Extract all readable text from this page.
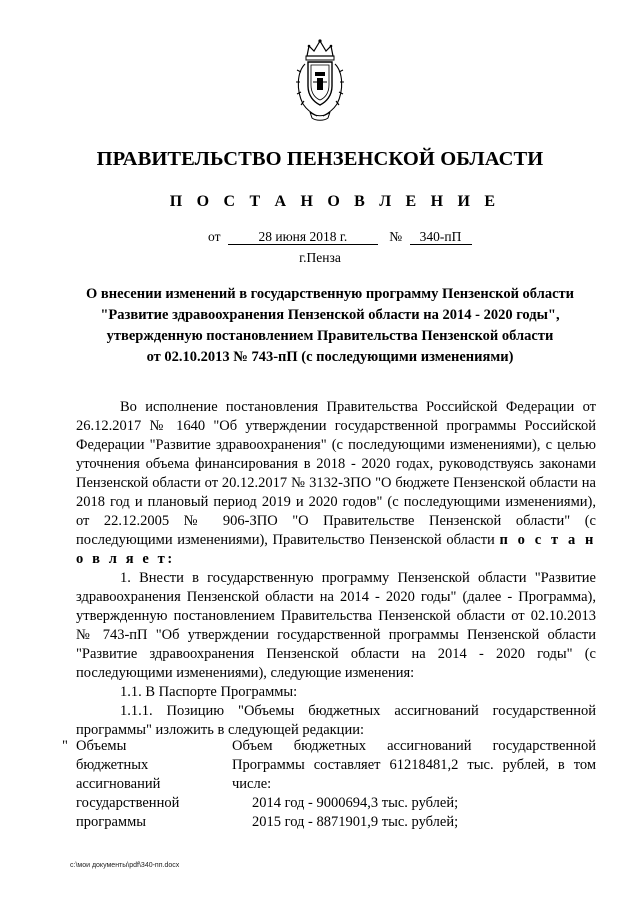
ПРАВИТЕЛЬСТВО ПЕНЗЕНСКОЙ ОБЛАСТИ
П О С Т А Н О В Л Е Н И Е
от	28 июня 2018 г.	№ 340-пП
г.Пенза
О внесении изменений в государственную программу Пензенской области
"Развитие здравоохранения Пензенской области на 2014 - 2020 годы",
утвержденную постановлением Правительства Пензенской области
от 02.10.2013 № 743-пП (с последующими изменениями)

Во исполнение постановления Правительства Российской Федерации от 26.12.2017 № 1640 "Об утверждении государственной программы Российской Федерации "Развитие здравоохранения" (с последующими изменениями), с целью уточнения объема финансирования в 2018 - 2020 годах, руководствуясь законами Пензенской области от 20.12.2017 № 3132-ЗПО "О бюджете Пензенской области на 2018 год и плановый период 2019 и 2020 годов" (с последующими изменениями), от 22.12.2005 № 906-ЗПО "О Правительстве Пензенской области" (с последующими изменениями), Правительство Пензенской области п о с т а н о в л я е т:

1. Внести в государственную программу Пензенской области "Развитие здравоохранения Пензенской области на 2014 - 2020 годы" (далее - Программа), утвержденную постановлением Правительства Пензенской области от 02.10.2013 № 743-пП "Об утверждении государственной программы Пензенской области "Развитие здравоохранения Пензенской области на 2014 - 2020 годы" (с последующими изменениями), следующие изменения:

1.1. В Паспорте Программы:

1.1.1. Позицию "Объемы бюджетных ассигнований государственной программы" изложить в следующей редакции:

" Объемы
бюджетных
ассигнований
государственной
программы
Объем бюджетных ассигнований государственной Программы составляет 61218481,2 тыс. рублей, в том числе:
2014 год - 9000694,3 тыс. рублей;
2015 год - 8871901,9 тыс. рублей;
c:\мои документы\pdf\340-пп.docx
